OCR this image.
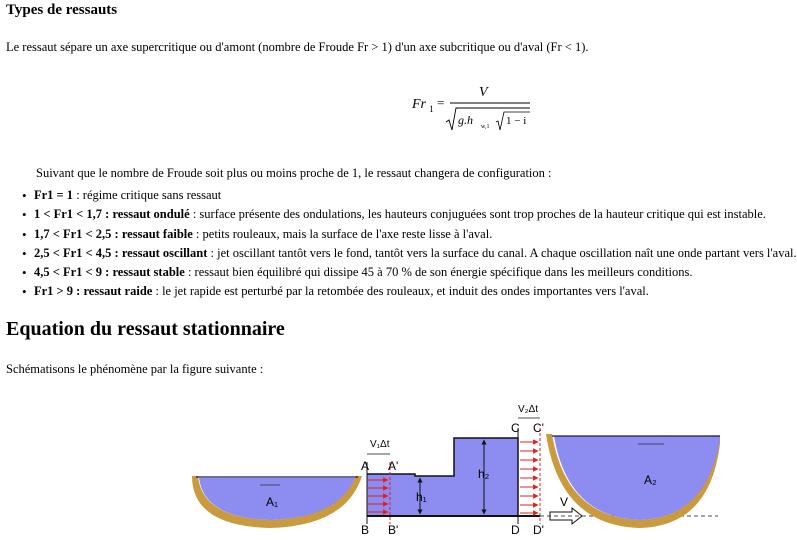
Types de ressauts
Le ressaut sépare un axe supercritique ou d'amont (nombre de Froude Fr > 1) d'un axe subcritique ou d'aval (Fr < 1).
Fr 1 =
V
g.h w,1 1 − i
Suivant que le nombre de Froude soit plus ou moins proche de 1, le ressaut changera de configuration :
• Fr1 = 1 : régime critique sans ressaut
• 1 < Fr1 < 1,7 : ressaut ondulé : surface présente des ondulations, les hauteurs conjuguées sont trop proches de la hauteur critique qui est instable.
• 1,7 < Fr1 < 2,5 : ressaut faible : petits rouleaux, mais la surface de l'axe reste lisse à l'aval.
• 2,5 < Fr1 < 4,5 : ressaut oscillant : jet oscillant tantôt vers le fond, tantôt vers la surface du canal. A chaque oscillation naît une onde partant vers l'aval.
• 4,5 < Fr1 < 9 : ressaut stable : ressaut bien équilibré qui dissipe 45 à 70 % de son énergie spécifique dans les meilleurs conditions.
• Fr1 > 9 : ressaut raide : le jet rapide est perturbé par la retombée des rouleaux, et induit des ondes importantes vers l'aval.
Equation du ressaut stationnaire
Schématisons le phénomène par la figure suivante :
A₁
V₁Δt
V₂Δt
A A'
B B'
C C'
D D'
h₁
h₂
V
A₂
